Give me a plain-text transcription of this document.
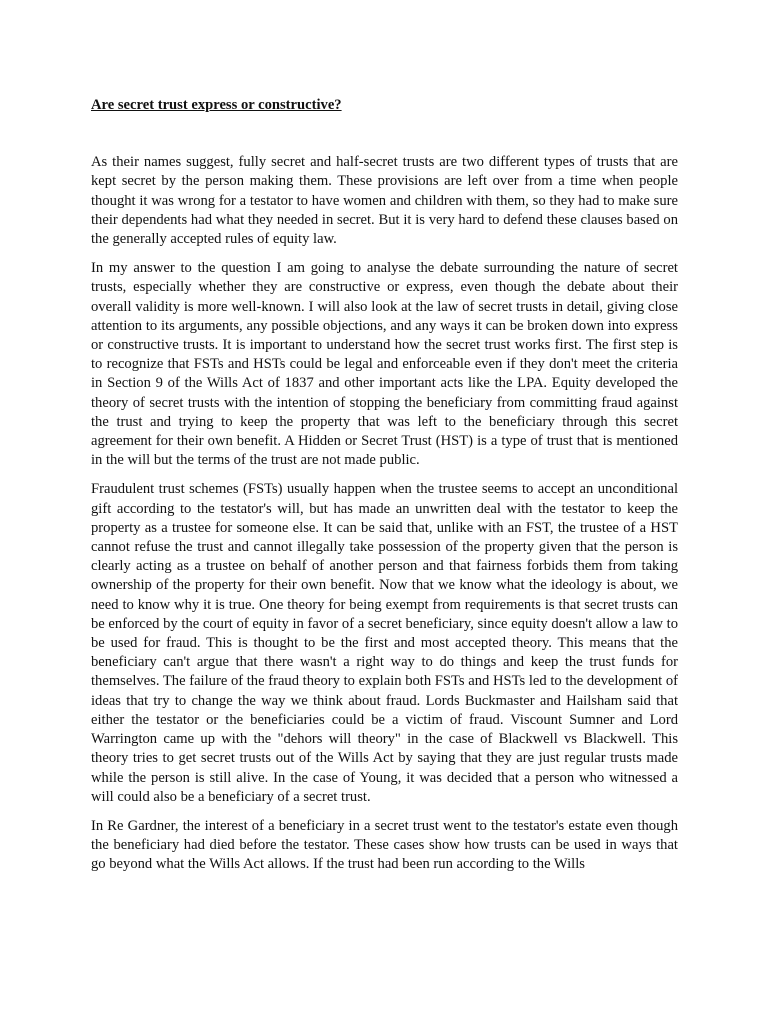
Are secret trust express or constructive?

As their names suggest, fully secret and half-secret trusts are two different types of trusts that are kept secret by the person making them. These provisions are left over from a time when people thought it was wrong for a testator to have women and children with them, so they had to make sure their dependents had what they needed in secret. But it is very hard to defend these clauses based on the generally accepted rules of equity law.

In my answer to the question I am going to analyse the debate surrounding the nature of secret trusts, especially whether they are constructive or express, even though the debate about their overall validity is more well-known. I will also look at the law of secret trusts in detail, giving close attention to its arguments, any possible objections, and any ways it can be broken down into express or constructive trusts. It is important to understand how the secret trust works first. The first step is to recognize that FSTs and HSTs could be legal and enforceable even if they don't meet the criteria in Section 9 of the Wills Act of 1837 and other important acts like the LPA. Equity developed the theory of secret trusts with the intention of stopping the beneficiary from committing fraud against the trust and trying to keep the property that was left to the beneficiary through this secret agreement for their own benefit. A Hidden or Secret Trust (HST) is a type of trust that is mentioned in the will but the terms of the trust are not made public.

Fraudulent trust schemes (FSTs) usually happen when the trustee seems to accept an unconditional gift according to the testator's will, but has made an unwritten deal with the testator to keep the property as a trustee for someone else. It can be said that, unlike with an FST, the trustee of a HST cannot refuse the trust and cannot illegally take possession of the property given that the person is clearly acting as a trustee on behalf of another person and that fairness forbids them from taking ownership of the property for their own benefit. Now that we know what the ideology is about, we need to know why it is true. One theory for being exempt from requirements is that secret trusts can be enforced by the court of equity in favor of a secret beneficiary, since equity doesn't allow a law to be used for fraud. This is thought to be the first and most accepted theory. This means that the beneficiary can't argue that there wasn't a right way to do things and keep the trust funds for themselves. The failure of the fraud theory to explain both FSTs and HSTs led to the development of ideas that try to change the way we think about fraud. Lords Buckmaster and Hailsham said that either the testator or the beneficiaries could be a victim of fraud. Viscount Sumner and Lord Warrington came up with the "dehors will theory" in the case of Blackwell vs Blackwell. This theory tries to get secret trusts out of the Wills Act by saying that they are just regular trusts made while the person is still alive. In the case of Young, it was decided that a person who witnessed a will could also be a beneficiary of a secret trust.

In Re Gardner, the interest of a beneficiary in a secret trust went to the testator's estate even though the beneficiary had died before the testator. These cases show how trusts can be used in ways that go beyond what the Wills Act allows. If the trust had been run according to the Wills
